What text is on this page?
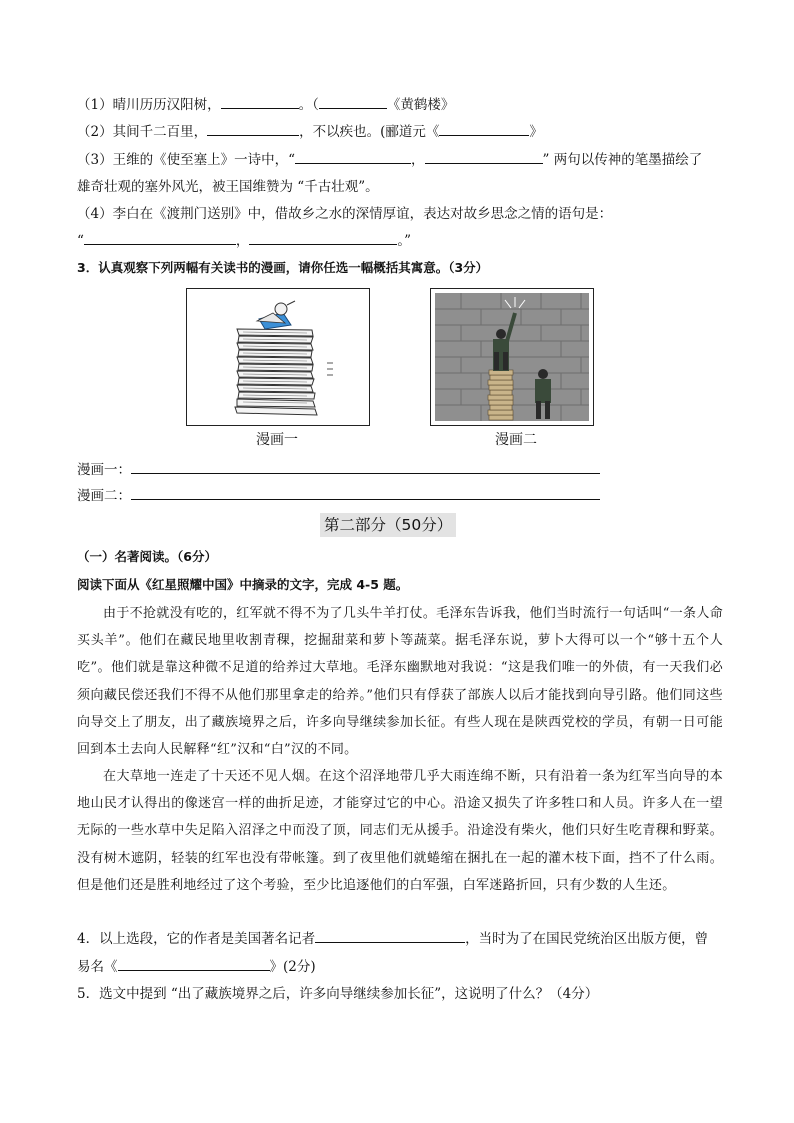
（1）晴川历历汉阳树，	。（	《黄鹤楼》
（2）其间千二百里，	，不以疾也。(郦道元《	》
（3）王维的《使至塞上》一诗中，“	，	” 两句以传神的笔墨描绘了
雄奇壮观的塞外风光，被王国维赞为 “千古壮观”。
（4）李白在《渡荆门送别》中，借故乡之水的深情厚谊，表达对故乡思念之情的语句是：
“	，	。”
3．认真观察下列两幅有关读书的漫画，请你任选一幅概括其寓意。（3分）
漫画一	漫画二
漫画一：
漫画二：
第二部分（50分）
（一）名著阅读。（6分）
阅读下面从《红星照耀中国》中摘录的文字，完成 4-5 题。
由于不抢就没有吃的，红军就不得不为了几头牛羊打仗。毛泽东告诉我，他们当时流行一句话叫“一条人命买头羊”。他们在藏民地里收割青稞，挖掘甜菜和萝卜等蔬菜。据毛泽东说，萝卜大得可以一个“够十五个人吃”。他们就是靠这种微不足道的给养过大草地。毛泽东幽默地对我说：“这是我们唯一的外债，有一天我们必须向藏民偿还我们不得不从他们那里拿走的给养。”他们只有俘获了部族人以后才能找到向导引路。他们同这些向导交上了朋友，出了藏族境界之后，许多向导继续参加长征。有些人现在是陕西党校的学员，有朝一日可能回到本土去向人民解释“红”汉和“白”汉的不同。
在大草地一连走了十天还不见人烟。在这个沼泽地带几乎大雨连绵不断，只有沿着一条为红军当向导的本地山民才认得出的像迷宫一样的曲折足迹，才能穿过它的中心。沿途又损失了许多牲口和人员。许多人在一望无际的一些水草中失足陷入沼泽之中而没了顶，同志们无从援手。沿途没有柴火，他们只好生吃青稞和野菜。没有树木遮阴，轻装的红军也没有带帐篷。到了夜里他们就蜷缩在捆扎在一起的灌木枝下面，挡不了什么雨。但是他们还是胜利地经过了这个考验，至少比追逐他们的白军强，白军迷路折回，只有少数的人生还。
4．以上选段，它的作者是美国著名记者	，当时为了在国民党统治区出版方便，曾
易名《	》(2分)
5．选文中提到 “出了藏族境界之后，许多向导继续参加长征”，这说明了什么？（4分）
